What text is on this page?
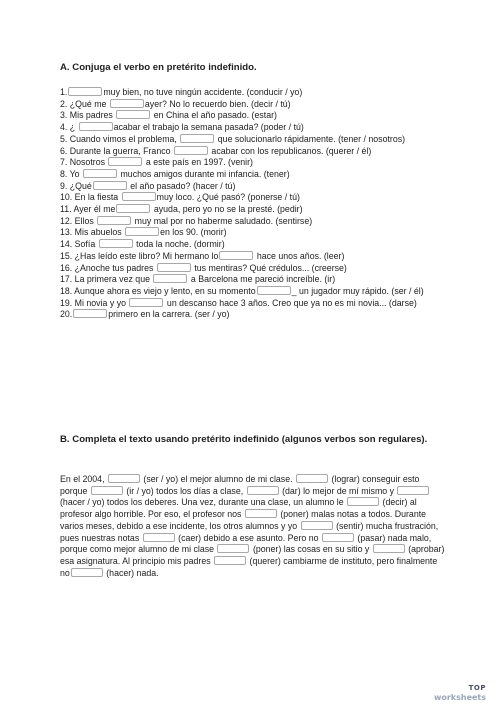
A. Conjuga el verbo en pretérito indefinido.

1.	muy bien, no tuve ningún accidente. (conducir / yo)

2. ¿Qué me	ayer? No lo recuerdo bien. (decir / tú)

3. Mis padres	en China el año pasado. (estar)

4. ¿	acabar el trabajo la semana pasada? (poder / tú)

5. Cuando vimos el problema,	que solucionarlo rápidamente. (tener / nosotros)

6. Durante la guerra, Franco	acabar con los republicanos. (querer / él)

7. Nosotros	a este país en 1997. (venir)

8. Yo	muchos amigos durante mi infancia. (tener)

9. ¿Qué	el año pasado? (hacer / tú)

10. En la fiesta	muy loco. ¿Qué pasó? (ponerse / tú)

11. Ayer él me	ayuda, pero yo no se la presté. (pedir)

12. Ellos	muy mal por no haberme saludado. (sentirse)

13. Mis abuelos	en los 90. (morir)

14. Sofía	toda la noche. (dormir)

15. ¿Has leído este libro? Mi hermano lo	hace unos años. (leer)

16. ¿Anoche tus padres	tus mentiras? Qué crédulos... (creerse)

17. La primera vez que	a Barcelona me pareció increíble. (ir)

18. Aunque ahora es viejo y lento, en su momento	_ un jugador muy rápido. (ser / él)

19. Mi novia y yo	un descanso hace 3 años. Creo que ya no es mi novia... (darse)

20.	primero en la carrera. (ser / yo)

B. Completa el texto usando pretérito indefinido (algunos verbos son regulares).

En el 2004,	(ser / yo) el mejor alumno de mi clase.	(lograr) conseguir esto porque	(ir / yo) todos los días a clase,	(dar) lo mejor de mí mismo y  (hacer / yo) todos los deberes. Una vez, durante una clase, un alumno le	(decir) al profesor algo horrible. Por eso, el profesor nos	(poner) malas notas a todos. Durante varios meses, debido a ese incidente, los otros alumnos y yo	(sentir) mucha frustración, pues nuestras notas	(caer) debido a ese asunto. Pero no	(pasar) nada malo, porque como mejor alumno de mi clase	(poner) las cosas en su sitio y	(aprobar) esa asignatura. Al principio mis padres	(querer) cambiarme de instituto, pero finalmente no	(hacer) nada.

TOP
worksheets
